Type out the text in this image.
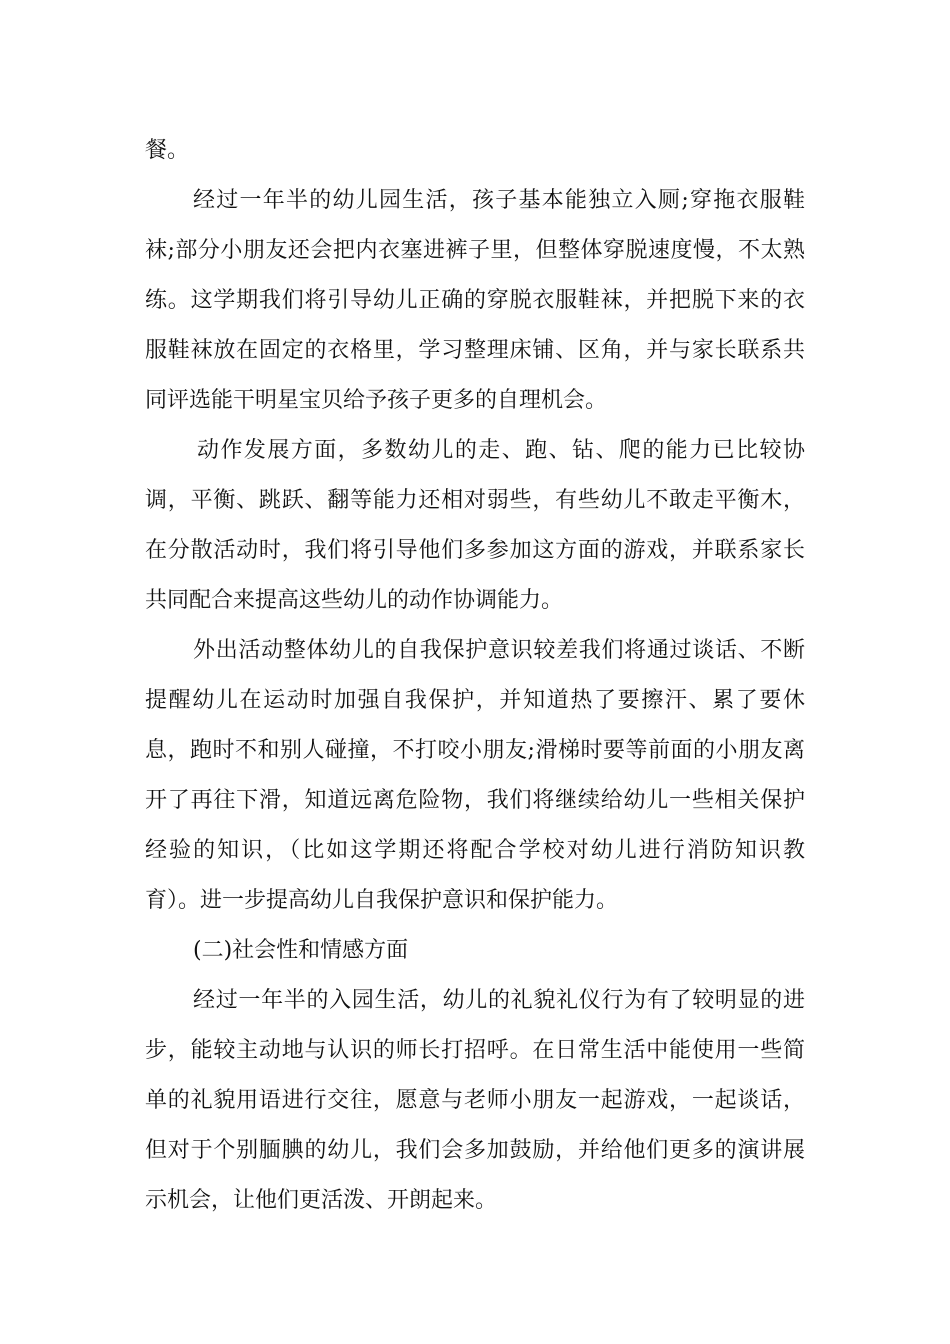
餐。
经过一年半的幼儿园生活，孩子基本能独立入厕;穿拖衣服鞋
袜;部分小朋友还会把内衣塞进裤子里，但整体穿脱速度慢，不太熟
练。这学期我们将引导幼儿正确的穿脱衣服鞋袜，并把脱下来的衣
服鞋袜放在固定的衣格里，学习整理床铺、区角，并与家长联系共
同评选能干明星宝贝给予孩子更多的自理机会。
动作发展方面，多数幼儿的走、跑、钻、爬的能力已比较协
调，平衡、跳跃、翻等能力还相对弱些，有些幼儿不敢走平衡木，
在分散活动时，我们将引导他们多参加这方面的游戏，并联系家长
共同配合来提高这些幼儿的动作协调能力。
外出活动整体幼儿的自我保护意识较差我们将通过谈话、不断
提醒幼儿在运动时加强自我保护，并知道热了要擦汗、累了要休
息，跑时不和别人碰撞，不打咬小朋友;滑梯时要等前面的小朋友离
开了再往下滑，知道远离危险物，我们将继续给幼儿一些相关保护
经验的知识，（比如这学期还将配合学校对幼儿进行消防知识教
育）。进一步提高幼儿自我保护意识和保护能力。
(二)社会性和情感方面
经过一年半的入园生活，幼儿的礼貌礼仪行为有了较明显的进
步，能较主动地与认识的师长打招呼。在日常生活中能使用一些简
单的礼貌用语进行交往，愿意与老师小朋友一起游戏，一起谈话，
但对于个别腼腆的幼儿，我们会多加鼓励，并给他们更多的演讲展
示机会，让他们更活泼、开朗起来。
